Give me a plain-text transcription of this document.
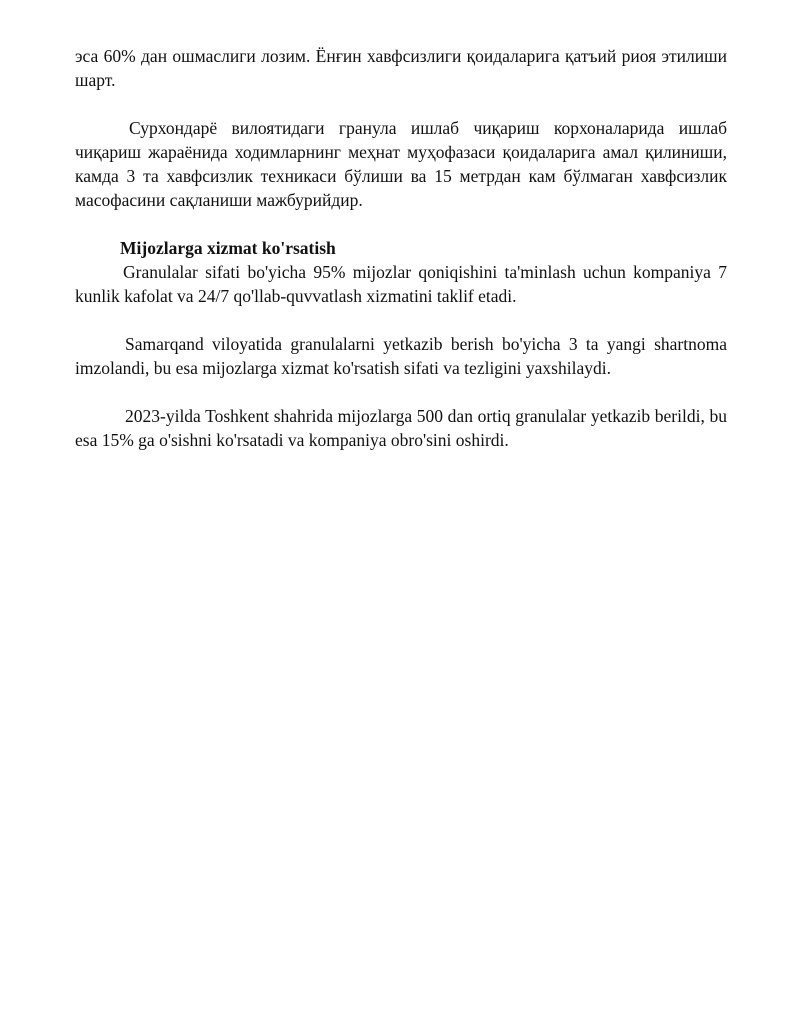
эса 60% дан ошмаслиги лозим. Ёнғин хавфсизлиги қоидаларига қатъий риоя этилиши шарт.

Сурхондарё вилоятидаги гранула ишлаб чиқариш корхоналарида ишлаб чиқариш жараёнида ходимларнинг меҳнат муҳофазаси қоидаларига амал қилиниши, камда 3 та хавфсизлик техникаси бўлиши ва 15 метрдан кам бўлмаган хавфсизлик масофасини сақланиши мажбурийдир.

Mijozlarga xizmat ko'rsatish

Granulalar sifati bo'yicha 95% mijozlar qoniqishini ta'minlash uchun kompaniya 7 kunlik kafolat va 24/7 qo'llab-quvvatlash xizmatini taklif etadi.

Samarqand viloyatida granulalarni yetkazib berish bo'yicha 3 ta yangi shartnoma imzolandi, bu esa mijozlarga xizmat ko'rsatish sifati va tezligini yaxshilaydi.

2023-yilda Toshkent shahrida mijozlarga 500 dan ortiq granulalar yetkazib berildi, bu esa 15% ga o'sishni ko'rsatadi va kompaniya obro'sini oshirdi.
